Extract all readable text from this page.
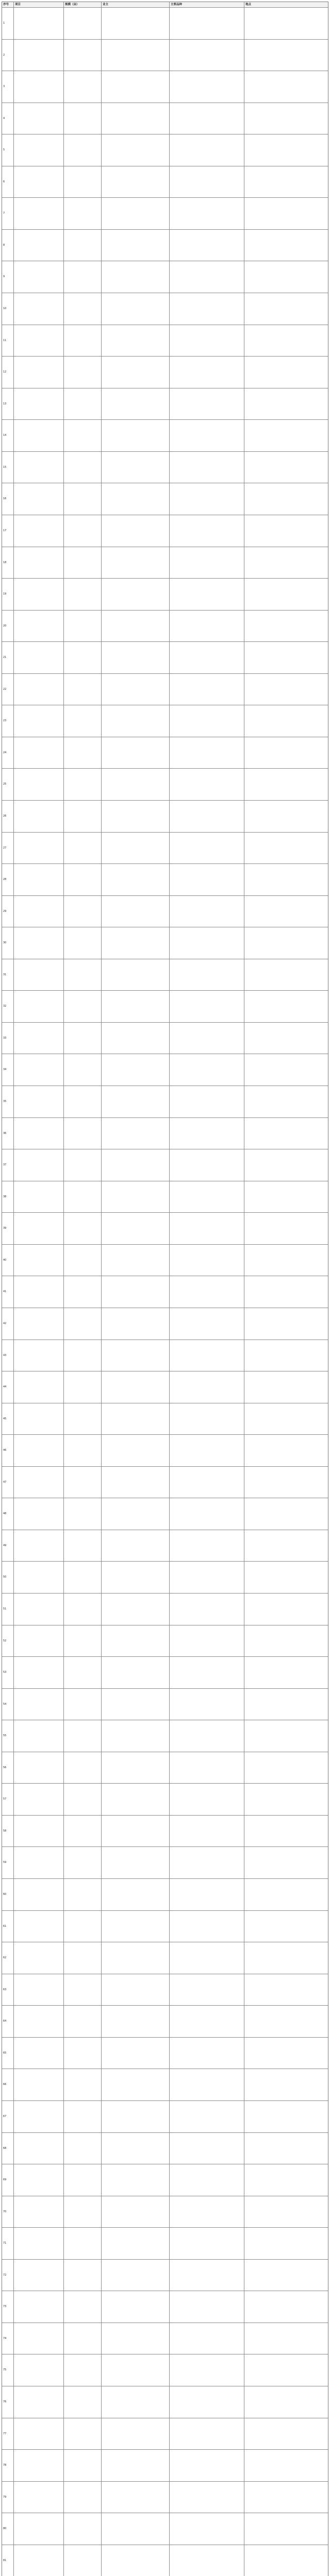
序号	项目	规模（亩）	业主	主要品种	地点
1
2
3
4
5
6
7
8
9
10
11
12
13
14
15
16
17
18
19
20
21
22
23
24
25
26
27
28
29
30
31
32
33
34
35
36
37
38
39
40
41
42
43
44
45
46
47
48
49
50
51
52
53
54
55
56
57
58
59
60
61
62
63
64
65
66
67
68
69
70
71
72
73
74
75
76
77
78
79
80
81
